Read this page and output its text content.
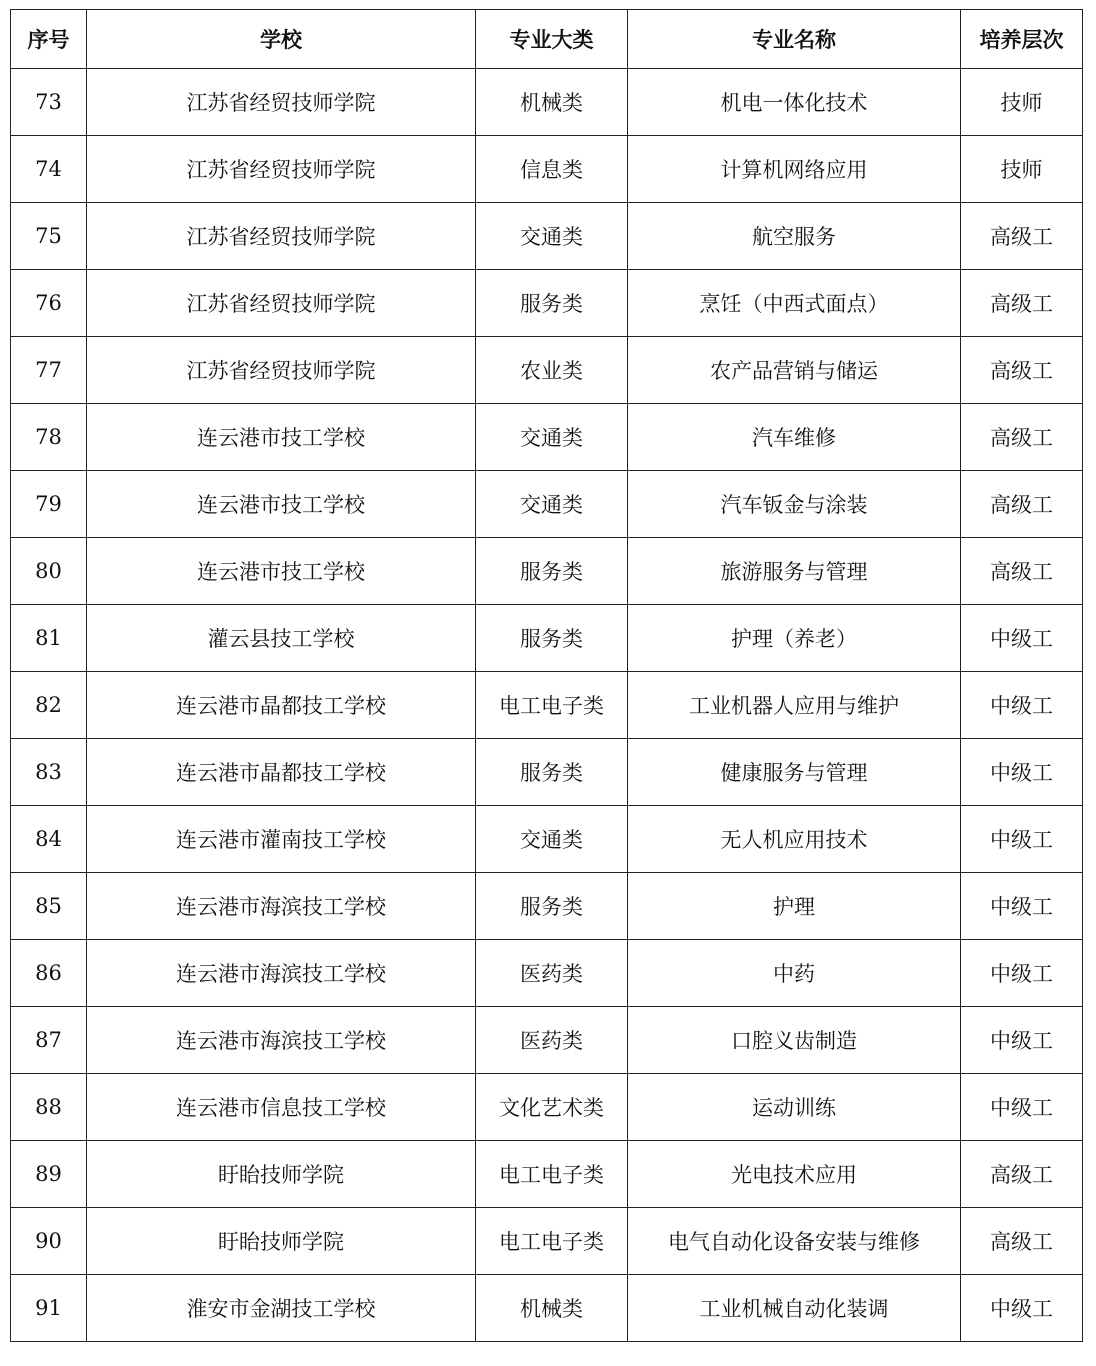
序号	学校	专业大类	专业名称	培养层次
73	江苏省经贸技师学院	机械类	机电一体化技术	技师
74	江苏省经贸技师学院	信息类	计算机网络应用	技师
75	江苏省经贸技师学院	交通类	航空服务	高级工
76	江苏省经贸技师学院	服务类	烹饪（中西式面点）	高级工
77	江苏省经贸技师学院	农业类	农产品营销与储运	高级工
78	连云港市技工学校	交通类	汽车维修	高级工
79	连云港市技工学校	交通类	汽车钣金与涂装	高级工
80	连云港市技工学校	服务类	旅游服务与管理	高级工
81	灌云县技工学校	服务类	护理（养老）	中级工
82	连云港市晶都技工学校	电工电子类	工业机器人应用与维护	中级工
83	连云港市晶都技工学校	服务类	健康服务与管理	中级工
84	连云港市灌南技工学校	交通类	无人机应用技术	中级工
85	连云港市海滨技工学校	服务类	护理	中级工
86	连云港市海滨技工学校	医药类	中药	中级工
87	连云港市海滨技工学校	医药类	口腔义齿制造	中级工
88	连云港市信息技工学校	文化艺术类	运动训练	中级工
89	盱眙技师学院	电工电子类	光电技术应用	高级工
90	盱眙技师学院	电工电子类	电气自动化设备安装与维修	高级工
91	淮安市金湖技工学校	机械类	工业机械自动化装调	中级工
